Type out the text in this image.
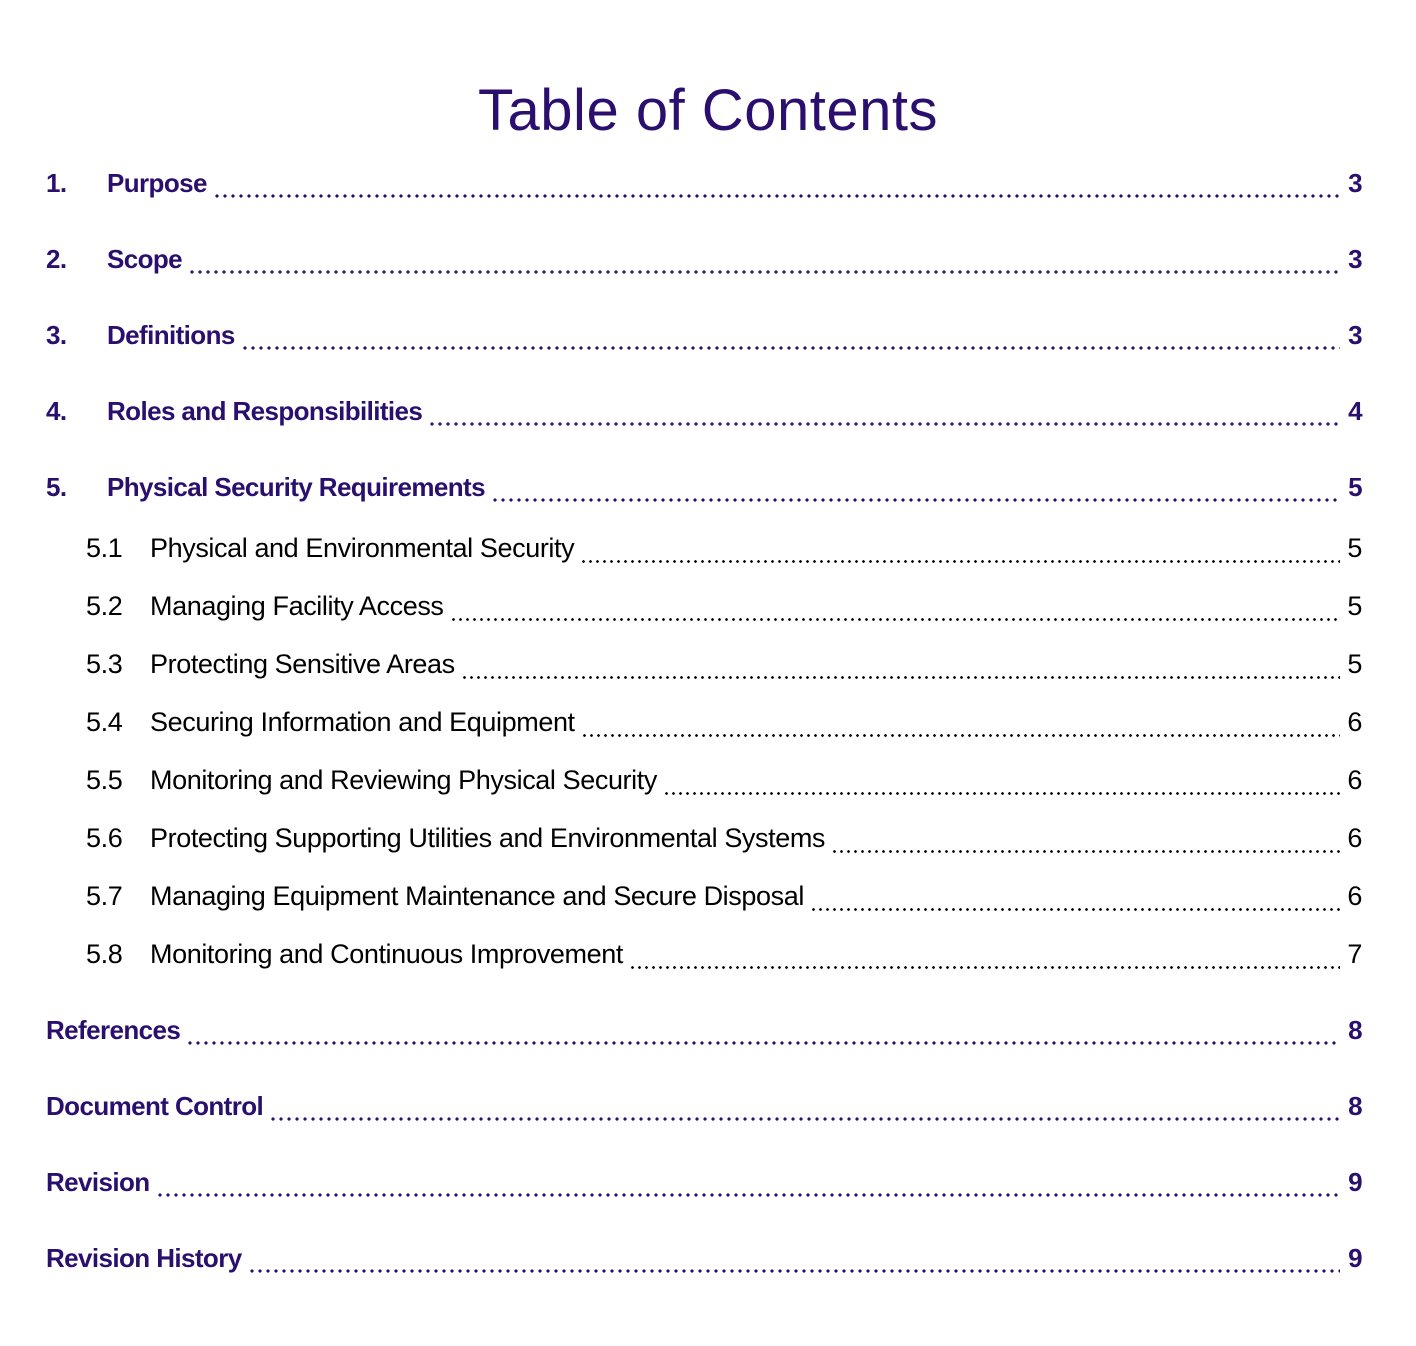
Table of Contents
1.	Purpose	3
2.	Scope	3
3.	Definitions	3
4.	Roles and Responsibilities	4
5.	Physical Security Requirements	5
5.1	Physical and Environmental Security	5
5.2	Managing Facility Access	5
5.3	Protecting Sensitive Areas	5
5.4	Securing Information and Equipment	6
5.5	Monitoring and Reviewing Physical Security	6
5.6	Protecting Supporting Utilities and Environmental Systems	6
5.7	Managing Equipment Maintenance and Secure Disposal	6
5.8	Monitoring and Continuous Improvement	7
References	8
Document Control	8
Revision	9
Revision History	9
